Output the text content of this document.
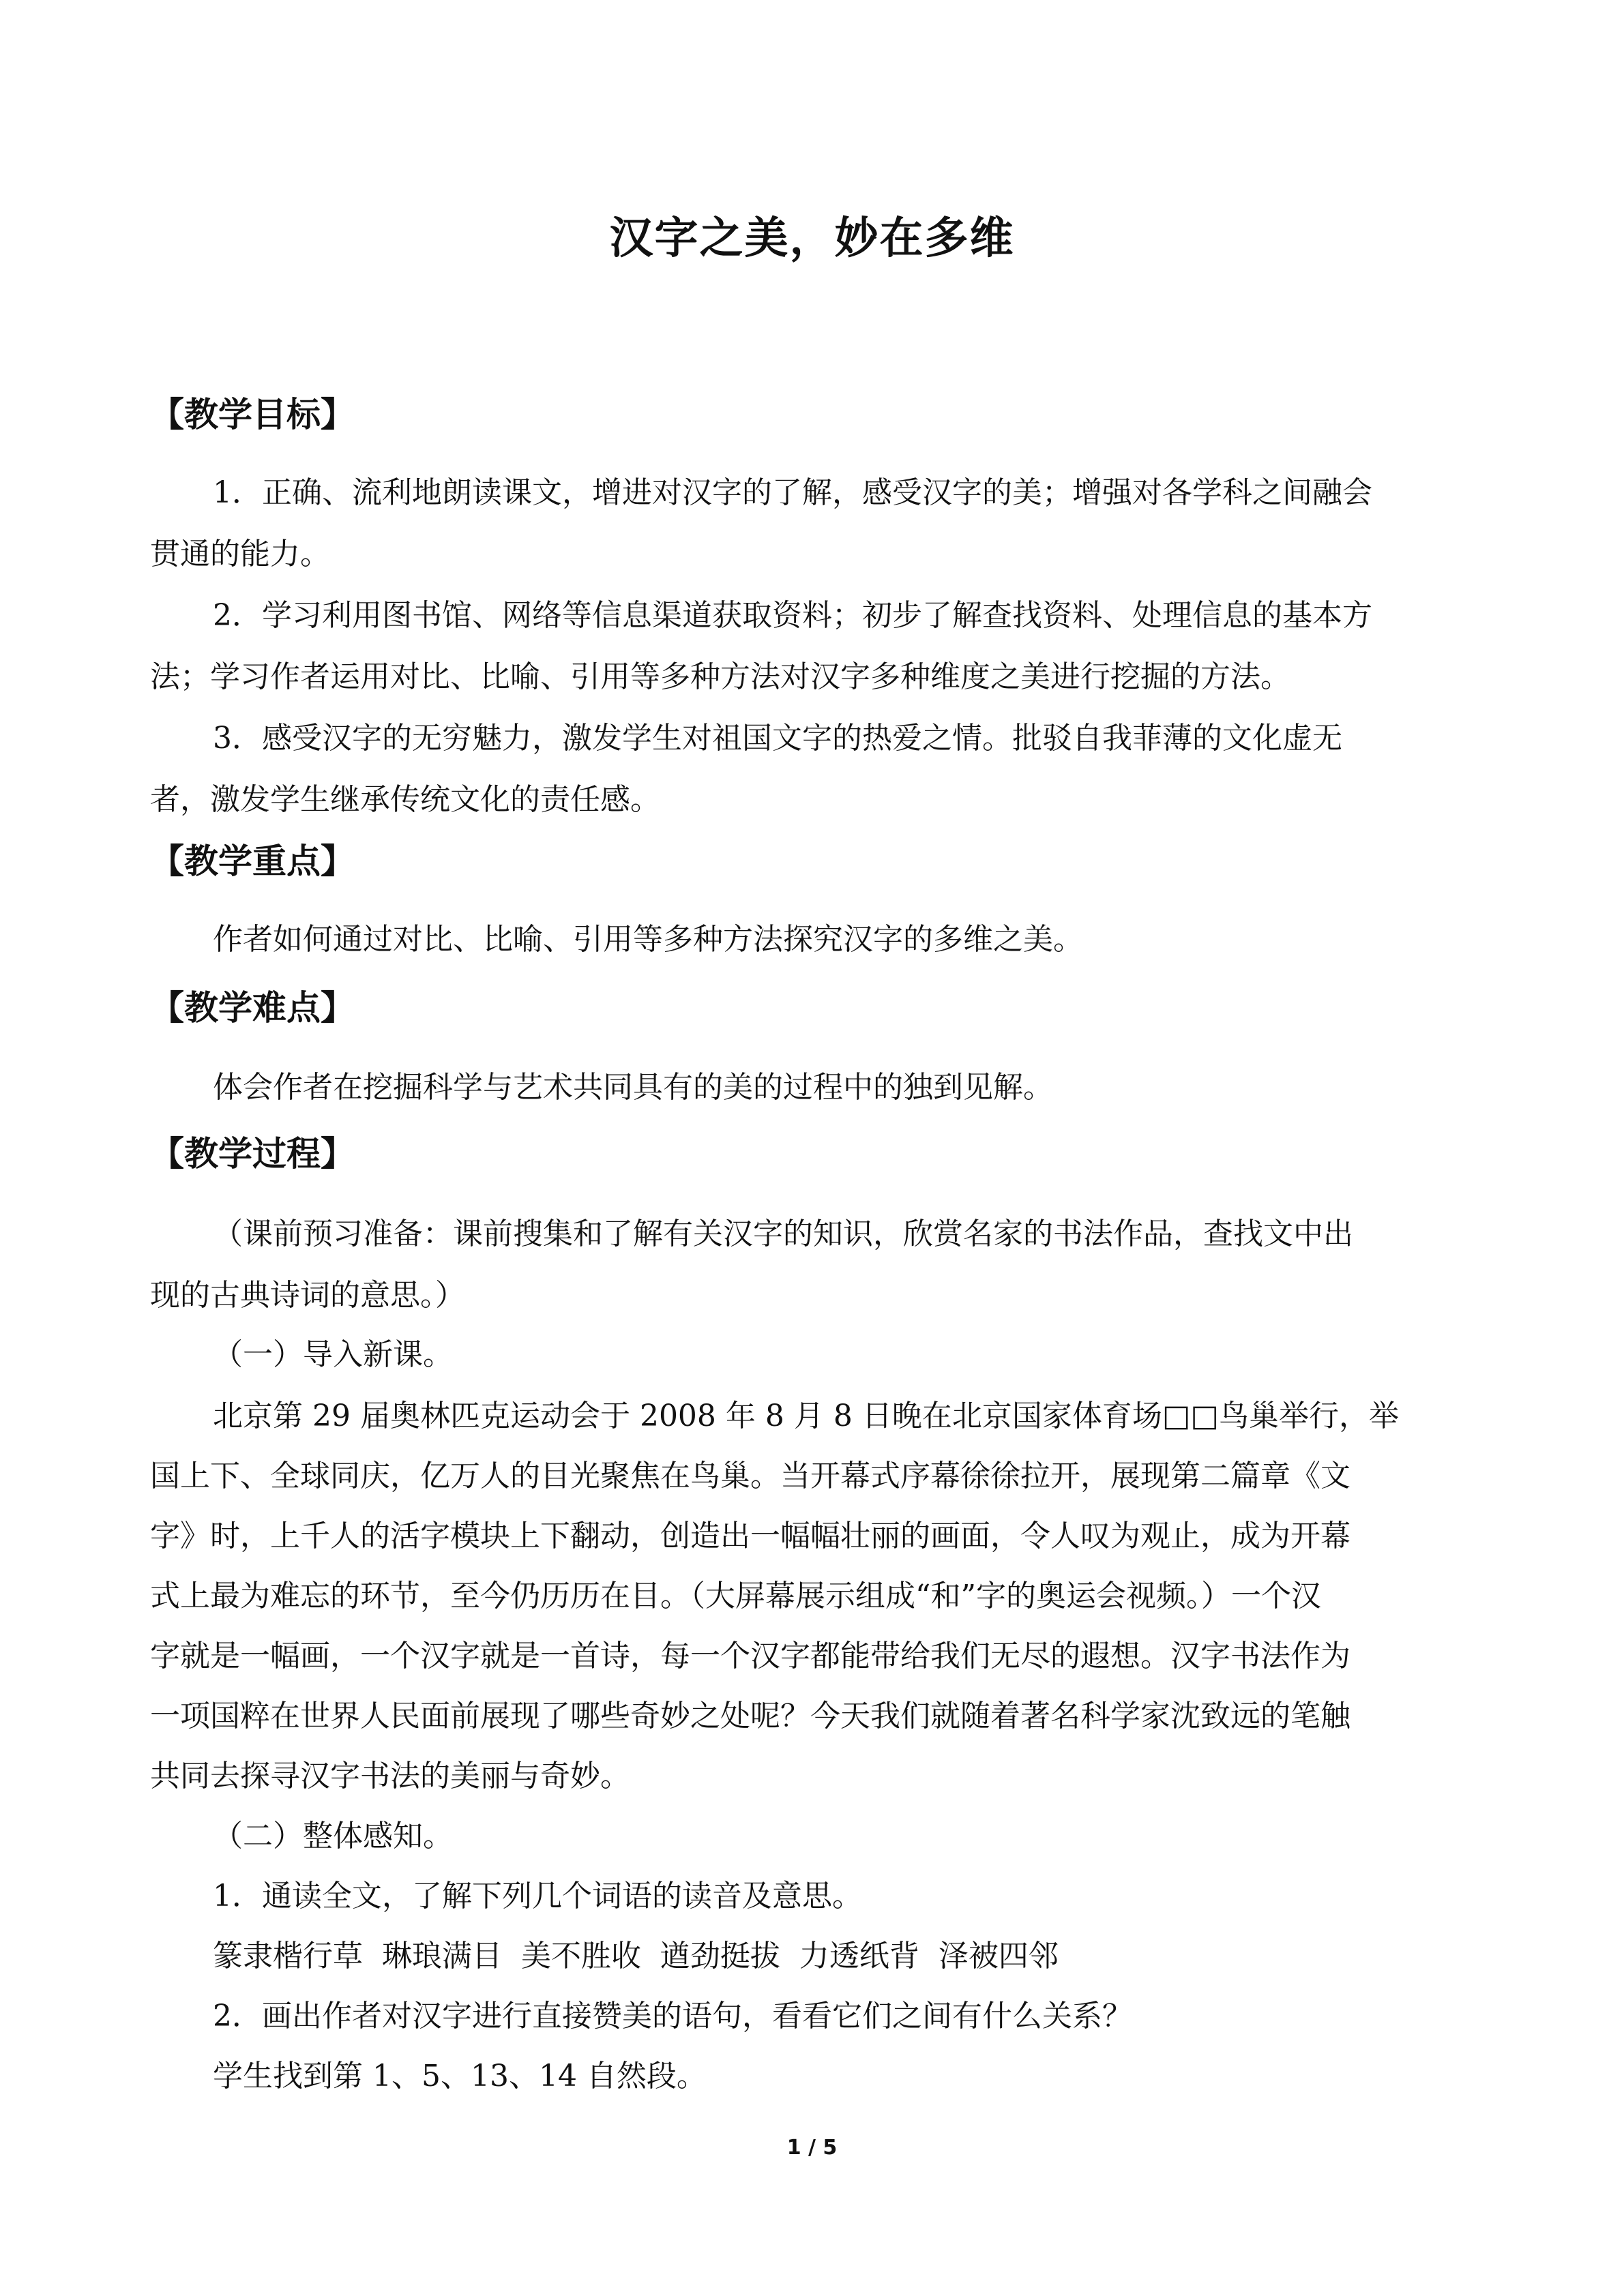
汉字之美，妙在多维
【教学目标】
1．正确、流利地朗读课文，增进对汉字的了解，感受汉字的美；增强对各学科之间融会
贯通的能力。
2．学习利用图书馆、网络等信息渠道获取资料；初步了解查找资料、处理信息的基本方
法；学习作者运用对比、比喻、引用等多种方法对汉字多种维度之美进行挖掘的方法。
3．感受汉字的无穷魅力，激发学生对祖国文字的热爱之情。批驳自我菲薄的文化虚无
者，激发学生继承传统文化的责任感。
【教学重点】
作者如何通过对比、比喻、引用等多种方法探究汉字的多维之美。
【教学难点】
体会作者在挖掘科学与艺术共同具有的美的过程中的独到见解。
【教学过程】
（课前预习准备：课前搜集和了解有关汉字的知识，欣赏名家的书法作品，查找文中出
现的古典诗词的意思。）
（一）导入新课。
北京第 29 届奥林匹克运动会于 2008 年 8 月 8 日晚在北京国家体育场□□鸟巢举行，举
国上下、全球同庆，亿万人的目光聚焦在鸟巢。当开幕式序幕徐徐拉开，展现第二篇章《文
字》时，上千人的活字模块上下翻动，创造出一幅幅壮丽的画面，令人叹为观止，成为开幕
式上最为难忘的环节，至今仍历历在目。（大屏幕展示组成“和”字的奥运会视频。）一个汉
字就是一幅画，一个汉字就是一首诗，每一个汉字都能带给我们无尽的遐想。汉字书法作为
一项国粹在世界人民面前展现了哪些奇妙之处呢？今天我们就随着著名科学家沈致远的笔触
共同去探寻汉字书法的美丽与奇妙。
（二）整体感知。
1．通读全文，了解下列几个词语的读音及意思。
篆隶楷行草  琳琅满目  美不胜收  遒劲挺拔  力透纸背  泽被四邻
2．画出作者对汉字进行直接赞美的语句，看看它们之间有什么关系？
学生找到第 1、5、13、14 自然段。
1 / 5
